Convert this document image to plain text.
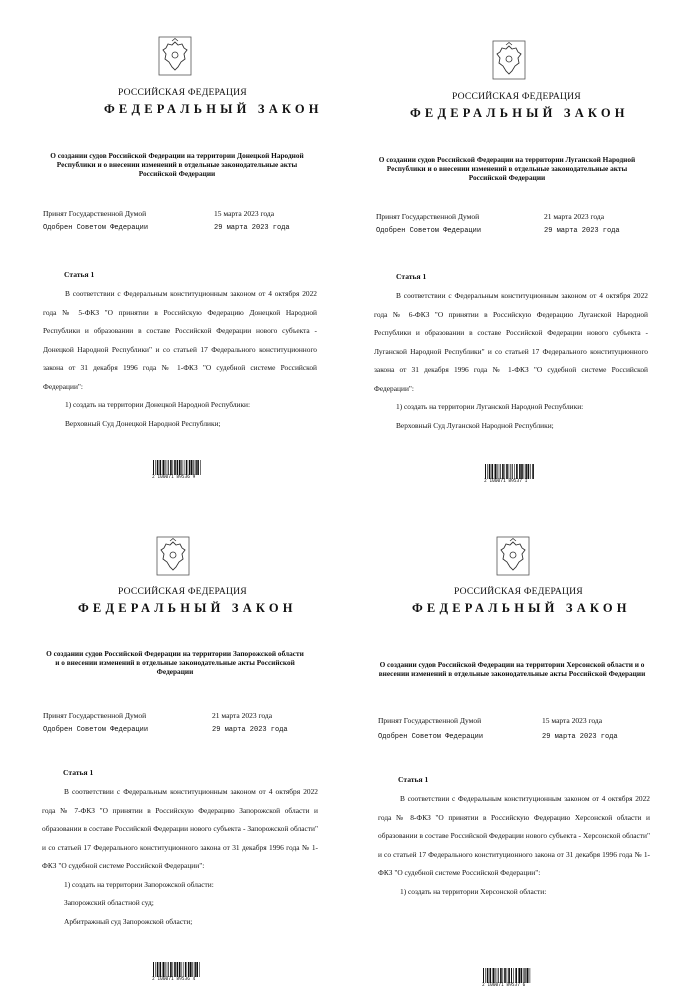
РОССИЙСКАЯ ФЕДЕРАЦИЯ
ФЕДЕРАЛЬНЫЙ ЗАКОН
О создании судов Российской Федерации на территории Донецкой Народной Республики и о внесении изменений в отдельные законодательные акты Российской Федерации
Принят Государственной Думой	15 марта 2023 года
Одобрен Советом Федерации	29 марта 2023 года
Статья 1

В соответствии с Федеральным конституционным законом от 4 октября 2022 года № 5-ФКЗ "О принятии в Российскую Федерацию Донецкой Народной Республики и образовании в составе Российской Федерации нового субъекта - Донецкой Народной Республики" и со статьей 17 Федерального конституционного закона от 31 декабря 1996 года № 1-ФКЗ "О судебной системе Российской Федерации":

1) создать на территории Донецкой Народной Республики:

Верховный Суд Донецкой Народной Республики;

2 100071 89536 9
РОССИЙСКАЯ ФЕДЕРАЦИЯ
ФЕДЕРАЛЬНЫЙ ЗАКОН
О создании судов Российской Федерации на территории Луганской Народной Республики и о внесении изменений в отдельные законодательные акты Российской Федерации
Принят Государственной Думой	21 марта 2023 года
Одобрен Советом Федерации	29 марта 2023 года
Статья 1

В соответствии с Федеральным конституционным законом от 4 октября 2022 года № 6-ФКЗ "О принятии в Российскую Федерацию Луганской Народной Республики и образовании в составе Российской Федерации нового субъекта - Луганской Народной Республики" и со статьей 17 Федерального конституционного закона от 31 декабря 1996 года № 1-ФКЗ "О судебной системе Российской Федерации":

1) создать на территории Луганской Народной Республики:

Верховный Суд Луганской Народной Республики;

2 100071 89537 1
РОССИЙСКАЯ ФЕДЕРАЦИЯ
ФЕДЕРАЛЬНЫЙ ЗАКОН
О создании судов Российской Федерации на территории Запорожской области и о внесении изменений в отдельные законодательные акты Российской Федерации
Принят Государственной Думой	21 марта 2023 года
Одобрен Советом Федерации	29 марта 2023 года
Статья 1

В соответствии с Федеральным конституционным законом от 4 октября 2022 года № 7-ФКЗ "О принятии в Российскую Федерацию Запорожской области и образовании в составе Российской Федерации нового субъекта - Запорожской области" и со статьей 17 Федерального конституционного закона от 31 декабря 1996 года № 1-ФКЗ "О судебной системе Российской Федерации":

1) создать на территории Запорожской области:

Запорожский областной суд;

Арбитражный суд Запорожской области;

2 100071 89536 4
РОССИЙСКАЯ ФЕДЕРАЦИЯ
ФЕДЕРАЛЬНЫЙ ЗАКОН
О создании судов Российской Федерации на территории Херсонской области и о внесении изменений в отдельные законодательные акты Российской Федерации
Принят Государственной Думой	15 марта 2023 года
Одобрен Советом Федерации	29 марта 2023 года
Статья 1

В соответствии с Федеральным конституционным законом от 4 октября 2022 года № 8-ФКЗ "О принятии в Российскую Федерацию Херсонской области и образовании в составе Российской Федерации нового субъекта - Херсонской области" и со статьей 17 Федерального конституционного закона от 31 декабря 1996 года № 1-ФКЗ "О судебной системе Российской Федерации":

1) создать на территории Херсонской области:

2 100071 89537 6
